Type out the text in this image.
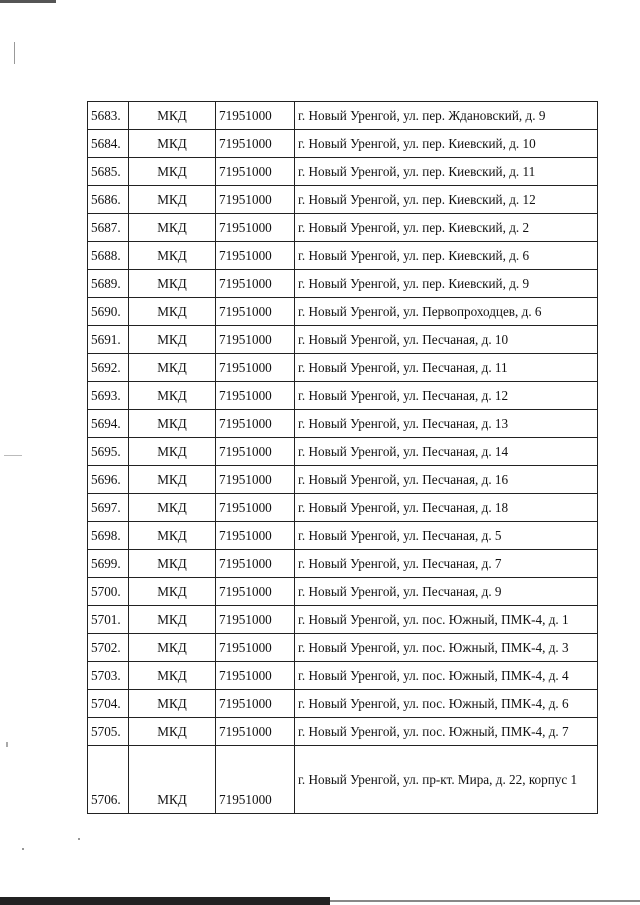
5683.	МКД	71951000	г. Новый Уренгой, ул. пер. Ждановский, д. 9
5684.	МКД	71951000	г. Новый Уренгой, ул. пер. Киевский, д. 10
5685.	МКД	71951000	г. Новый Уренгой, ул. пер. Киевский, д. 11
5686.	МКД	71951000	г. Новый Уренгой, ул. пер. Киевский, д. 12
5687.	МКД	71951000	г. Новый Уренгой, ул. пер. Киевский, д. 2
5688.	МКД	71951000	г. Новый Уренгой, ул. пер. Киевский, д. 6
5689.	МКД	71951000	г. Новый Уренгой, ул. пер. Киевский, д. 9
5690.	МКД	71951000	г. Новый Уренгой, ул. Первопроходцев, д. 6
5691.	МКД	71951000	г. Новый Уренгой, ул. Песчаная, д. 10
5692.	МКД	71951000	г. Новый Уренгой, ул. Песчаная, д. 11
5693.	МКД	71951000	г. Новый Уренгой, ул. Песчаная, д. 12
5694.	МКД	71951000	г. Новый Уренгой, ул. Песчаная, д. 13
5695.	МКД	71951000	г. Новый Уренгой, ул. Песчаная, д. 14
5696.	МКД	71951000	г. Новый Уренгой, ул. Песчаная, д. 16
5697.	МКД	71951000	г. Новый Уренгой, ул. Песчаная, д. 18
5698.	МКД	71951000	г. Новый Уренгой, ул. Песчаная, д. 5
5699.	МКД	71951000	г. Новый Уренгой, ул. Песчаная, д. 7
5700.	МКД	71951000	г. Новый Уренгой, ул. Песчаная, д. 9
5701.	МКД	71951000	г. Новый Уренгой, ул. пос. Южный, ПМК-4, д. 1
5702.	МКД	71951000	г. Новый Уренгой, ул. пос. Южный, ПМК-4, д. 3
5703.	МКД	71951000	г. Новый Уренгой, ул. пос. Южный, ПМК-4, д. 4
5704.	МКД	71951000	г. Новый Уренгой, ул. пос. Южный, ПМК-4, д. 6
5705.	МКД	71951000	г. Новый Уренгой, ул. пос. Южный, ПМК-4, д. 7
5706.	МКД	71951000	г. Новый Уренгой, ул. пр-кт. Мира, д. 22, корпус 1
